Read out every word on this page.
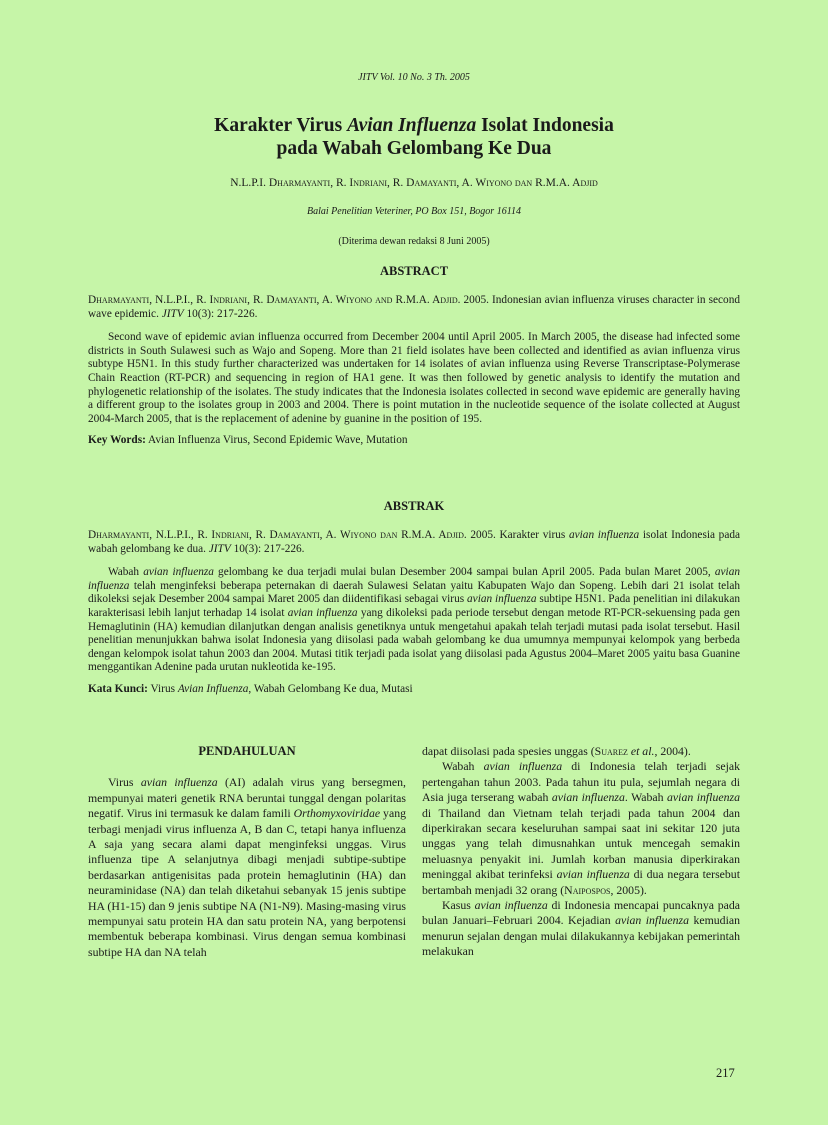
JITV Vol. 10 No. 3 Th. 2005
Karakter Virus Avian Influenza Isolat Indonesia
pada Wabah Gelombang Ke Dua
N.L.P.I. Dharmayanti, R. Indriani, R. Damayanti, A. Wiyono dan R.M.A. Adjid
Balai Penelitian Veteriner, PO Box 151, Bogor 16114
(Diterima dewan redaksi 8 Juni 2005)
ABSTRACT

Dharmayanti, N.L.P.I., R. Indriani, R. Damayanti, A. Wiyono and R.M.A. Adjid. 2005. Indonesian avian influenza viruses character in second wave epidemic. JITV 10(3): 217-226.

Second wave of epidemic avian influenza occurred from December 2004 until April 2005. In March 2005, the disease had infected some districts in South Sulawesi such as Wajo and Sopeng. More than 21 field isolates have been collected and identified as avian influenza virus subtype H5N1. In this study further characterized was undertaken for 14 isolates of avian influenza using Reverse Transcriptase-Polymerase Chain Reaction (RT-PCR) and sequencing in region of HA1 gene. It was then followed by genetic analysis to identify the mutation and phylogenetic relationship of the isolates. The study indicates that the Indonesia isolates collected in second wave epidemic are generally having a different group to the isolates group in 2003 and 2004. There is point mutation in the nucleotide sequence of the isolate collected at August 2004-March 2005, that is the replacement of adenine by guanine in the position of 195.

Key Words: Avian Influenza Virus, Second Epidemic Wave, Mutation

ABSTRAK

Dharmayanti, N.L.P.I., R. Indriani, R. Damayanti, A. Wiyono dan R.M.A. Adjid. 2005. Karakter virus avian influenza isolat Indonesia pada wabah gelombang ke dua. JITV 10(3): 217-226.

Wabah avian influenza gelombang ke dua terjadi mulai bulan Desember 2004 sampai bulan April 2005. Pada bulan Maret 2005, avian influenza telah menginfeksi beberapa peternakan di daerah Sulawesi Selatan yaitu Kabupaten Wajo dan Sopeng. Lebih dari 21 isolat telah dikoleksi sejak Desember 2004 sampai Maret 2005 dan diidentifikasi sebagai virus avian influenza subtipe H5N1. Pada penelitian ini dilakukan karakterisasi lebih lanjut terhadap 14 isolat avian influenza yang dikoleksi pada periode tersebut dengan metode RT-PCR-sekuensing pada gen Hemaglutinin (HA) kemudian dilanjutkan dengan analisis genetiknya untuk mengetahui apakah telah terjadi mutasi pada isolat tersebut. Hasil penelitian menunjukkan bahwa isolat Indonesia yang diisolasi pada wabah gelombang ke dua umumnya mempunyai kelompok yang berbeda dengan kelompok isolat tahun 2003 dan 2004. Mutasi titik terjadi pada isolat yang diisolasi pada Agustus 2004–Maret 2005 yaitu basa Guanine menggantikan Adenine pada urutan nukleotida ke-195.

Kata Kunci: Virus Avian Influenza, Wabah Gelombang Ke dua, Mutasi

PENDAHULUAN

Virus avian influenza (AI) adalah virus yang bersegmen, mempunyai materi genetik RNA beruntai tunggal dengan polaritas negatif. Virus ini termasuk ke dalam famili Orthomyxoviridae yang terbagi menjadi virus influenza A, B dan C, tetapi hanya influenza A saja yang secara alami dapat menginfeksi unggas. Virus influenza tipe A selanjutnya dibagi menjadi subtipe-subtipe berdasarkan antigenisitas pada protein hemaglutinin (HA) dan neuraminidase (NA) dan telah diketahui sebanyak 15 jenis subtipe HA (H1-15) dan 9 jenis subtipe NA (N1-N9). Masing-masing virus mempunyai satu protein HA dan satu protein NA, yang berpotensi membentuk beberapa kombinasi. Virus dengan semua kombinasi subtipe HA dan NA telah

dapat diisolasi pada spesies unggas (Suarez et al., 2004).

Wabah avian influenza di Indonesia telah terjadi sejak pertengahan tahun 2003. Pada tahun itu pula, sejumlah negara di Asia juga terserang wabah avian influenza. Wabah avian influenza di Thailand dan Vietnam telah terjadi pada tahun 2004 dan diperkirakan secara keseluruhan sampai saat ini sekitar 120 juta unggas yang telah dimusnahkan untuk mencegah semakin meluasnya penyakit ini. Jumlah korban manusia diperkirakan meninggal akibat terinfeksi avian influenza di dua negara tersebut bertambah menjadi 32 orang (Naipospos, 2005).

Kasus avian influenza di Indonesia mencapai puncaknya pada bulan Januari–Februari 2004. Kejadian avian influenza kemudian menurun sejalan dengan mulai dilakukannya kebijakan pemerintah melakukan

217
